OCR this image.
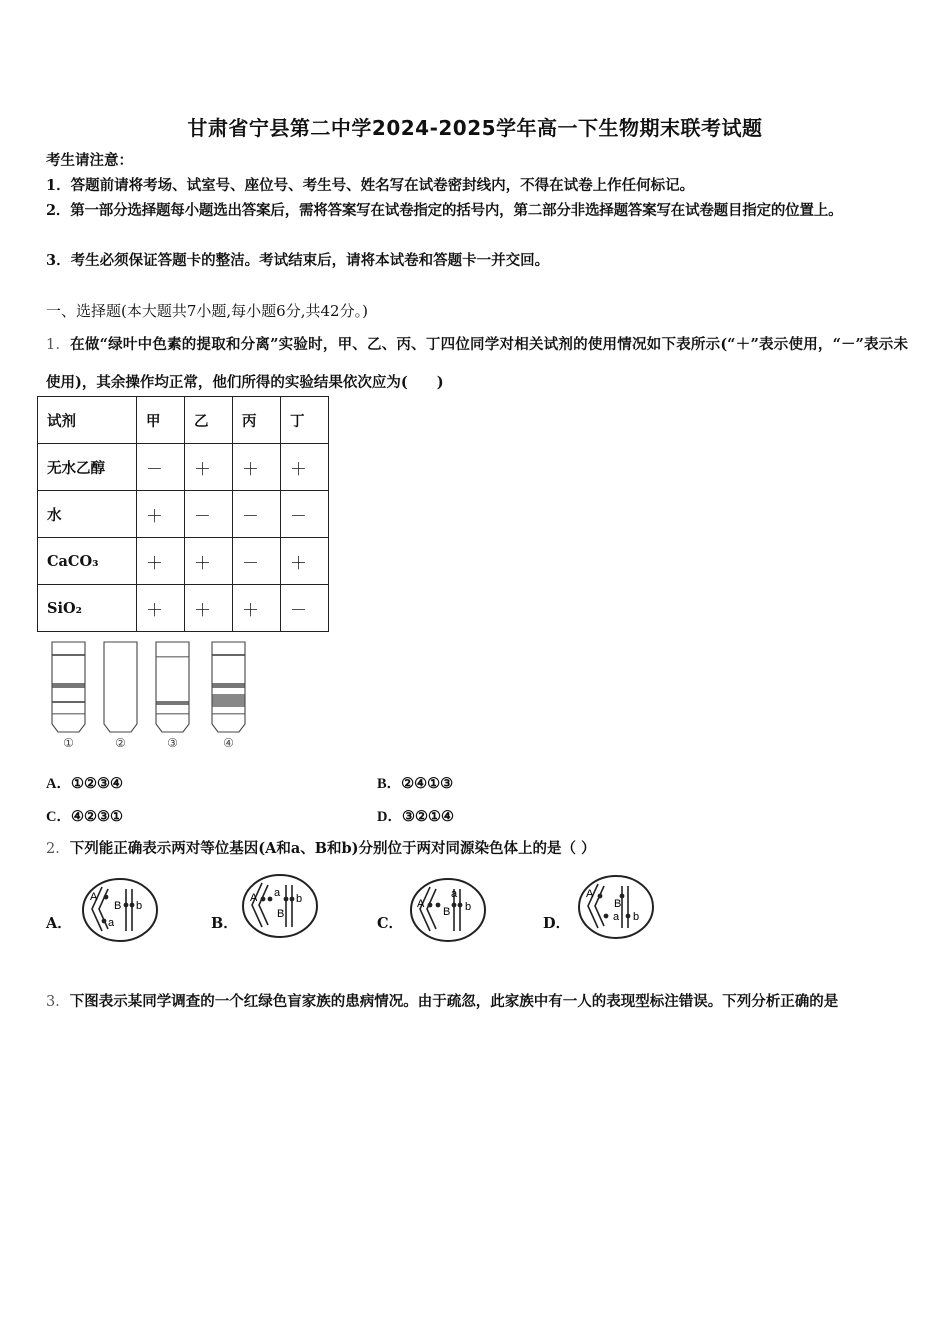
甘肃省宁县第二中学2024-2025学年高一下生物期末联考试题
考生请注意：
1．答题前请将考场、试室号、座位号、考生号、姓名写在试卷密封线内，不得在试卷上作任何标记。
2．第一部分选择题每小题选出答案后，需将答案写在试卷指定的括号内，第二部分非选择题答案写在试卷题目指定的位置上。
3．考生必须保证答题卡的整洁。考试结束后，请将本试卷和答题卡一并交回。
一、选择题(本大题共7小题,每小题6分,共42分。)
1．在做“绿叶中色素的提取和分离”实验时，甲、乙、丙、丁四位同学对相关试剂的使用情况如下表所示(“＋”表示使用，“－”表示未使用)，其余操作均正常，他们所得的实验结果依次应为(　　)
试剂	甲	乙	丙	丁
无水乙醇	－	＋	＋	＋
水	＋	－	－	－
CaCO₃	＋	＋	－	＋
SiO₂	＋	＋	＋	－
①	②	③	④
A．①②③④	B．②④①③
C．④②③①	D．③②①④
2．下列能正确表示两对等位基因(A和a、B和b)分别位于两对同源染色体上的是（ ）
A．
A
B b
a	B．
A a
B
b
C．
A
a
B b
D．
A
B
a b
3．下图表示某同学调查的一个红绿色盲家族的患病情况。由于疏忽，此家族中有一人的表现型标注错误。下列分析正确的是
